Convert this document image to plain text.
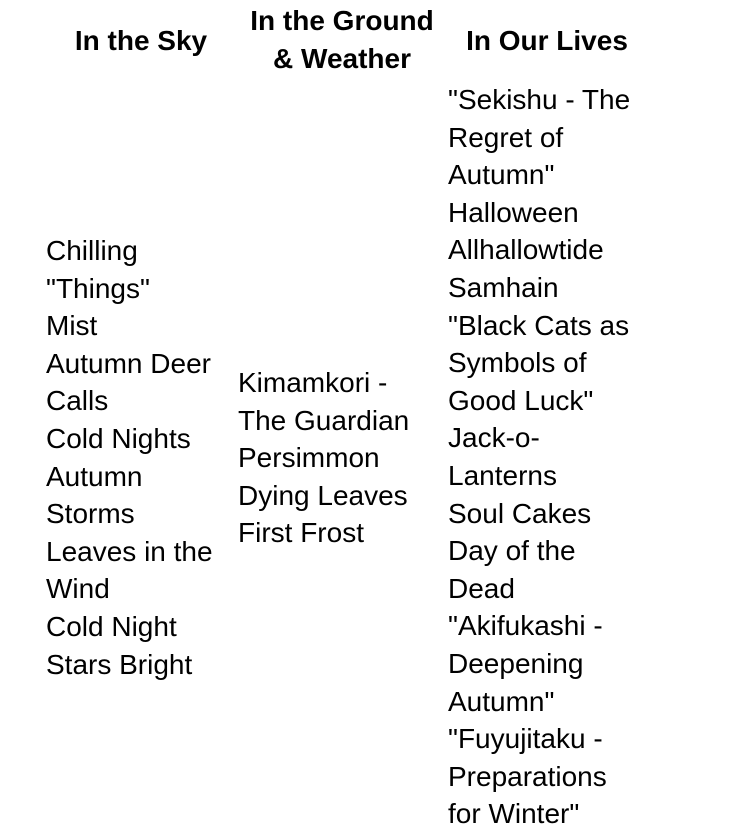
In the Sky
Chilling
"Things"
Mist
Autumn Deer
Calls
Cold Nights
Autumn
Storms
Leaves in the
Wind
Cold Night
Stars Bright
In the Ground
& Weather
Kimamkori -
The Guardian
Persimmon
Dying Leaves
First Frost
In Our Lives
"Sekishu - The
Regret of
Autumn"
Halloween
Allhallowtide
Samhain
"Black Cats as
Symbols of
Good Luck"
Jack-o-
Lanterns
Soul Cakes
Day of the
Dead
"Akifukashi -
Deepening
Autumn"
"Fuyujitaku -
Preparations
for Winter"
